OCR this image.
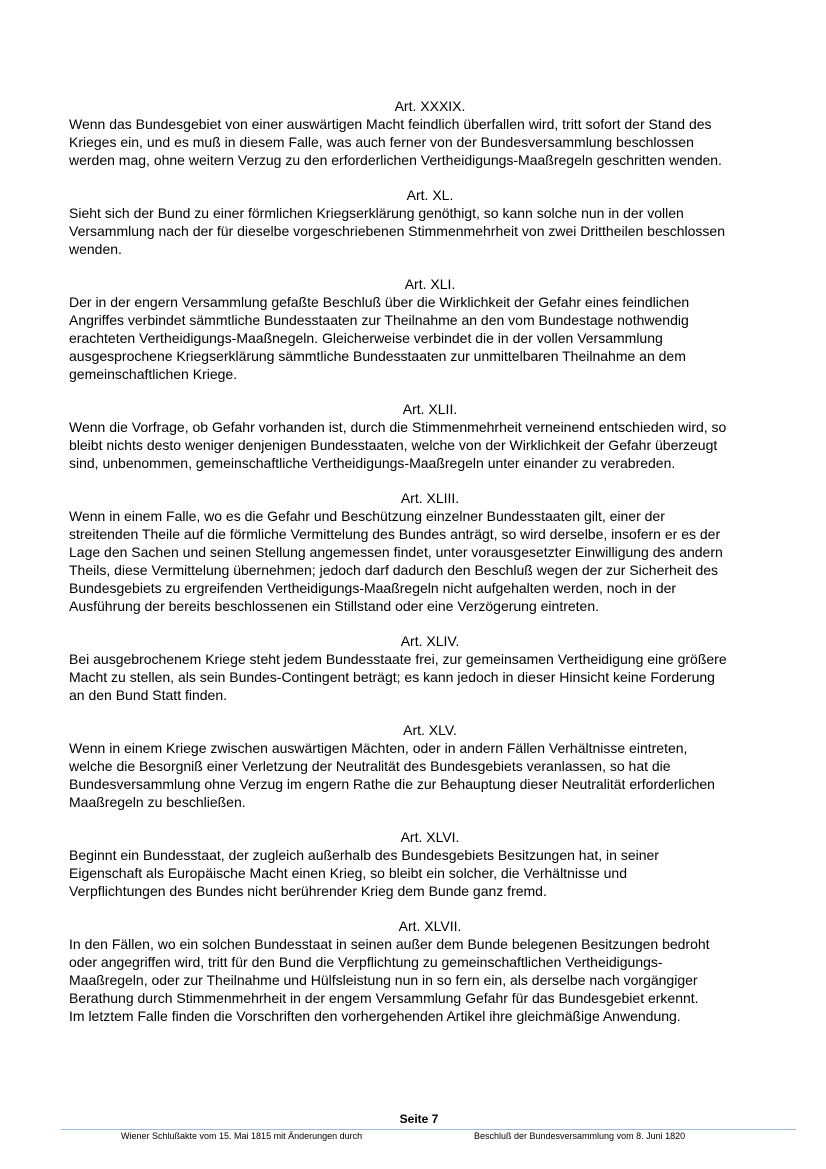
Art. XXXIX.
Wenn das Bundesgebiet von einer auswärtigen Macht feindlich überfallen wird, tritt sofort der Stand des
Krieges ein, und es muß in diesem Falle, was auch ferner von der Bundesversammlung beschlossen
werden mag, ohne weitern Verzug zu den erforderlichen Vertheidigungs-Maaßregeln geschritten wenden.
Art. XL.
Sieht sich der Bund zu einer förmlichen Kriegserklärung genöthigt, so kann solche nun in der vollen
Versammlung nach der für dieselbe vorgeschriebenen Stimmenmehrheit von zwei Drittheilen beschlossen
wenden.
Art. XLI.
Der in der engern Versammlung gefaßte Beschluß über die Wirklichkeit der Gefahr eines feindlichen
Angriffes verbindet sämmtliche Bundesstaaten zur Theilnahme an den vom Bundestage nothwendig
erachteten Vertheidigungs-Maaßnegeln. Gleicherweise verbindet die in der vollen Versammlung
ausgesprochene Kriegserklärung sämmtliche Bundesstaaten zur unmittelbaren Theilnahme an dem
gemeinschaftlichen Kriege.
Art. XLII.
Wenn die Vorfrage, ob Gefahr vorhanden ist, durch die Stimmenmehrheit verneinend entschieden wird, so
bleibt nichts desto weniger denjenigen Bundesstaaten, welche von der Wirklichkeit der Gefahr überzeugt
sind, unbenommen, gemeinschaftliche Vertheidigungs-Maaßregeln unter einander zu verabreden.
Art. XLIII.
Wenn in einem Falle, wo es die Gefahr und Beschützung einzelner Bundesstaaten gilt, einer der
streitenden Theile auf die förmliche Vermittelung des Bundes anträgt, so wird derselbe, insofern er es der
Lage den Sachen und seinen Stellung angemessen findet, unter vorausgesetzter Einwilligung des andern
Theils, diese Vermittelung übernehmen; jedoch darf dadurch den Beschluß wegen der zur Sicherheit des
Bundesgebiets zu ergreifenden Vertheidigungs-Maaßregeln nicht aufgehalten werden, noch in der
Ausführung der bereits beschlossenen ein Stillstand oder eine Verzögerung eintreten.
Art. XLIV.
Bei ausgebrochenem Kriege steht jedem Bundesstaate frei, zur gemeinsamen Vertheidigung eine größere
Macht zu stellen, als sein Bundes-Contingent beträgt; es kann jedoch in dieser Hinsicht keine Forderung
an den Bund Statt finden.
Art. XLV.
Wenn in einem Kriege zwischen auswärtigen Mächten, oder in andern Fällen Verhältnisse eintreten,
welche die Besorgniß einer Verletzung der Neutralität des Bundesgebiets veranlassen, so hat die
Bundesversammlung ohne Verzug im engern Rathe die zur Behauptung dieser Neutralität erforderlichen
Maaßregeln zu beschließen.
Art. XLVI.
Beginnt ein Bundesstaat, der zugleich außerhalb des Bundesgebiets Besitzungen hat, in seiner
Eigenschaft als Europäische Macht einen Krieg, so bleibt ein solcher, die Verhältnisse und
Verpflichtungen des Bundes nicht berührender Krieg dem Bunde ganz fremd.
Art. XLVII.
In den Fällen, wo ein solchen Bundesstaat in seinen außer dem Bunde belegenen Besitzungen bedroht
oder angegriffen wird, tritt für den Bund die Verpflichtung zu gemeinschaftlichen Vertheidigungs-
Maaßregeln, oder zur Theilnahme und Hülfsleistung nun in so fern ein, als derselbe nach vorgängiger
Berathung durch Stimmenmehrheit in der engem Versammlung Gefahr für das Bundesgebiet erkennt.
Im letztem Falle finden die Vorschriften den vorhergehenden Artikel ihre gleichmäßige Anwendung.
Seite 7
Wiener Schlußakte vom 15. Mai 1815 mit Änderungen durch	Beschluß der Bundesversammlung vom 8. Juni 1820
